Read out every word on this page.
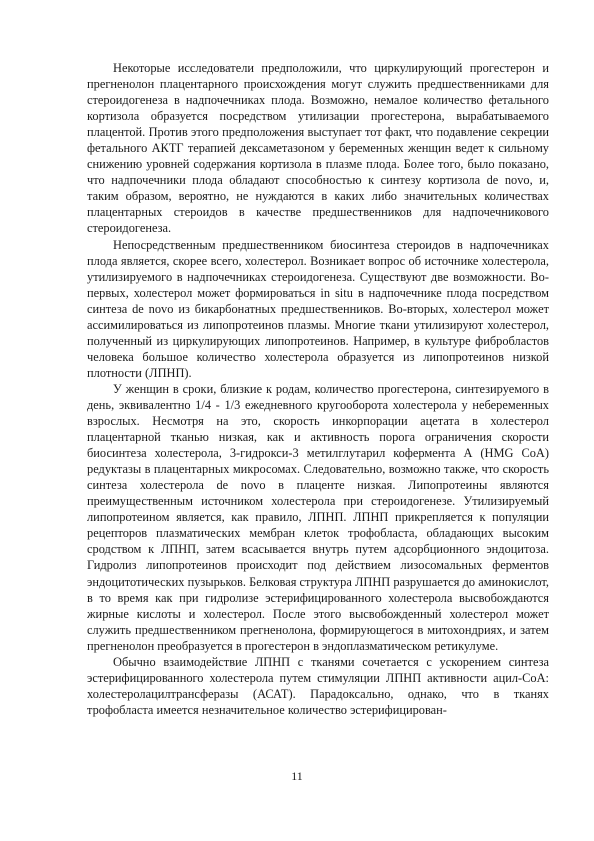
Некоторые исследователи предположили, что циркулирующий прогестерон и прегненолон плацентарного происхождения могут служить предшественниками для стероидогенеза в надпочечниках плода. Возможно, немалое количество фетального кортизола образуется посредством утилизации прогестерона, вырабатываемого плацентой. Против этого предположения выступает тот факт, что подавление секреции фетального АКТГ терапией дексаметазоном у беременных женщин ведет к сильному снижению уровней содержания кортизола в плазме плода. Более того, было показано, что надпочечники плода обладают способностью к синтезу кортизола de novo, и, таким образом, вероятно, не нуждаются в каких либо значительных количествах плацентарных стероидов в качестве предшественников для надпочечникового стероидогенеза.

Непосредственным предшественником биосинтеза стероидов в надпочечниках плода является, скорее всего, холестерол. Возникает вопрос об источнике холестерола, утилизируемого в надпочечниках стероидогенеза. Существуют две возможности. Во-первых, холестерол может формироваться in situ в надпочечнике плода посредством синтеза de novo из бикарбонатных предшественников. Во-вторых, холестерол может ассимилироваться из липопротеинов плазмы. Многие ткани утилизируют холестерол, полученный из циркулирующих липопротеинов. Например, в культуре фибробластов человека большое количество холестерола образуется из липопротеинов низкой плотности (ЛПНП).

У женщин в сроки, близкие к родам, количество прогестерона, синтезируемого в день, эквивалентно 1/4 - 1/3 ежедневного кругооборота холестерола у небеременных взрослых. Несмотря на это, скорость инкорпорации ацетата в холестерол плацентарной тканью низкая, как и активность порога ограничения скорости биосинтеза холестерола, 3-гидрокси-3 метилглутарил кофермента А (HMG CoA) редуктазы в плацентарных микросомах. Следовательно, возможно также, что скорость синтеза холестерола de novo в плаценте низкая. Липопротеины являются преимущественным источником холестерола при стероидогенезе. Утилизируемый липопротеином является, как правило, ЛПНП. ЛПНП прикрепляется к популяции рецепторов плазматических мембран клеток трофобласта, обладающих высоким сродством к ЛПНП, затем всасывается внутрь путем адсорбционного эндоцитоза. Гидролиз липопротеинов происходит под действием лизосомальных ферментов эндоцитотических пузырьков. Белковая структура ЛПНП разрушается до аминокислот, в то время как при гидролизе эстерифицированного холестерола высвобождаются жирные кислоты и холестерол. После этого высвобожденный холестерол может служить предшественником прегненолона, формирующегося в митохондриях, и затем прегненолон преобразуется в прогестерон в эндоплазматическом ретикулуме.

Обычно взаимодействие ЛПНП с тканями сочетается с ускорением синтеза эстерифицированного холестерола путем стимуляции ЛПНП активности ацил-CoA: холестеролацилтрансферазы (АСАТ). Парадоксально, однако, что в тканях трофобласта имеется незначительное количество эстерифицирован-

11
